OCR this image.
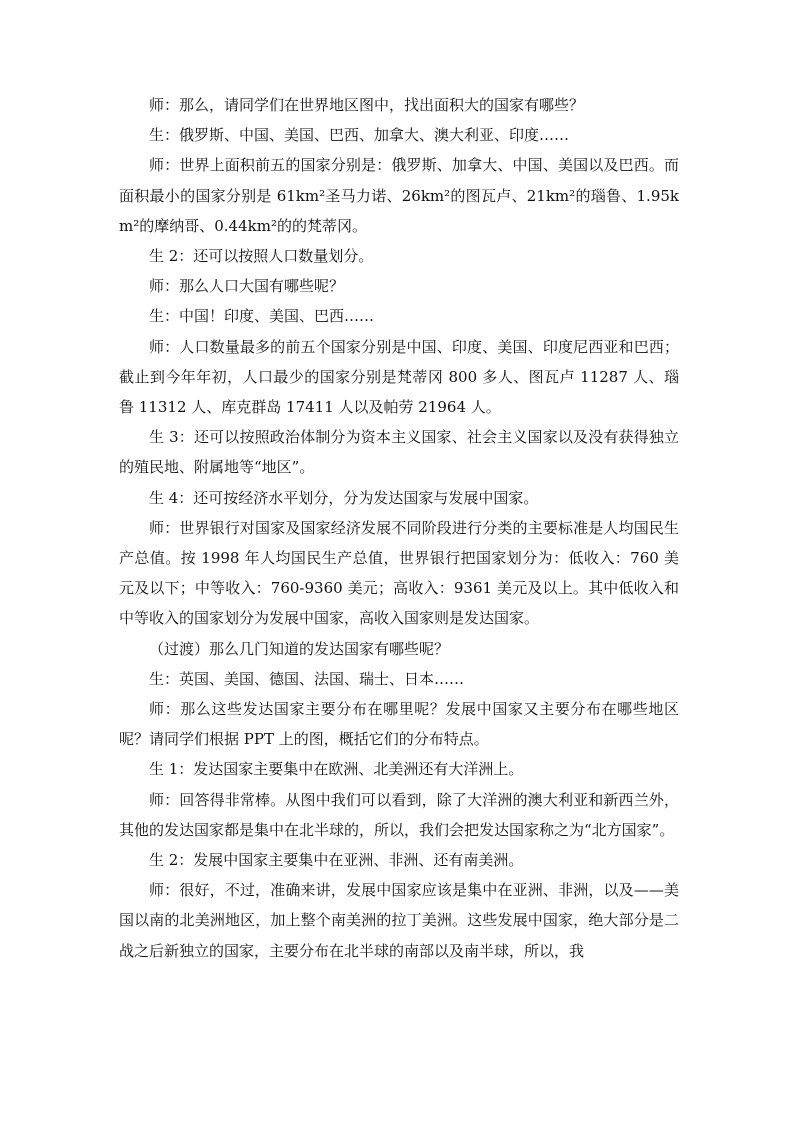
师：那么，请同学们在世界地区图中，找出面积大的国家有哪些？

生：俄罗斯、中国、美国、巴西、加拿大、澳大利亚、印度……

师：世界上面积前五的国家分别是：俄罗斯、加拿大、中国、美国以及巴西。而面积最小的国家分别是 61km²圣马力诺、26km²的图瓦卢、21km²的瑙鲁、1.95km²的摩纳哥、0.44km²的的梵蒂冈。

生 2：还可以按照人口数量划分。

师：那么人口大国有哪些呢？

生：中国！印度、美国、巴西……

师：人口数量最多的前五个国家分别是中国、印度、美国、印度尼西亚和巴西；截止到今年年初，人口最少的国家分别是梵蒂冈 800 多人、图瓦卢 11287 人、瑙鲁 11312 人、库克群岛 17411 人以及帕劳 21964 人。

生 3：还可以按照政治体制分为资本主义国家、社会主义国家以及没有获得独立的殖民地、附属地等“地区”。

生 4：还可按经济水平划分，分为发达国家与发展中国家。

师：世界银行对国家及国家经济发展不同阶段进行分类的主要标准是人均国民生产总值。按 1998 年人均国民生产总值，世界银行把国家划分为：低收入：760 美元及以下；中等收入：760-9360 美元；高收入：9361 美元及以上。其中低收入和中等收入的国家划分为发展中国家，高收入国家则是发达国家。

（过渡）那么几门知道的发达国家有哪些呢？

生：英国、美国、德国、法国、瑞士、日本……

师：那么这些发达国家主要分布在哪里呢？发展中国家又主要分布在哪些地区呢？请同学们根据 PPT 上的图，概括它们的分布特点。

生 1：发达国家主要集中在欧洲、北美洲还有大洋洲上。

师：回答得非常棒。从图中我们可以看到，除了大洋洲的澳大利亚和新西兰外，其他的发达国家都是集中在北半球的，所以，我们会把发达国家称之为“北方国家”。

生 2：发展中国家主要集中在亚洲、非洲、还有南美洲。

师：很好，不过，准确来讲，发展中国家应该是集中在亚洲、非洲，以及——美国以南的北美洲地区，加上整个南美洲的拉丁美洲。这些发展中国家，绝大部分是二战之后新独立的国家，主要分布在北半球的南部以及南半球，所以，我
